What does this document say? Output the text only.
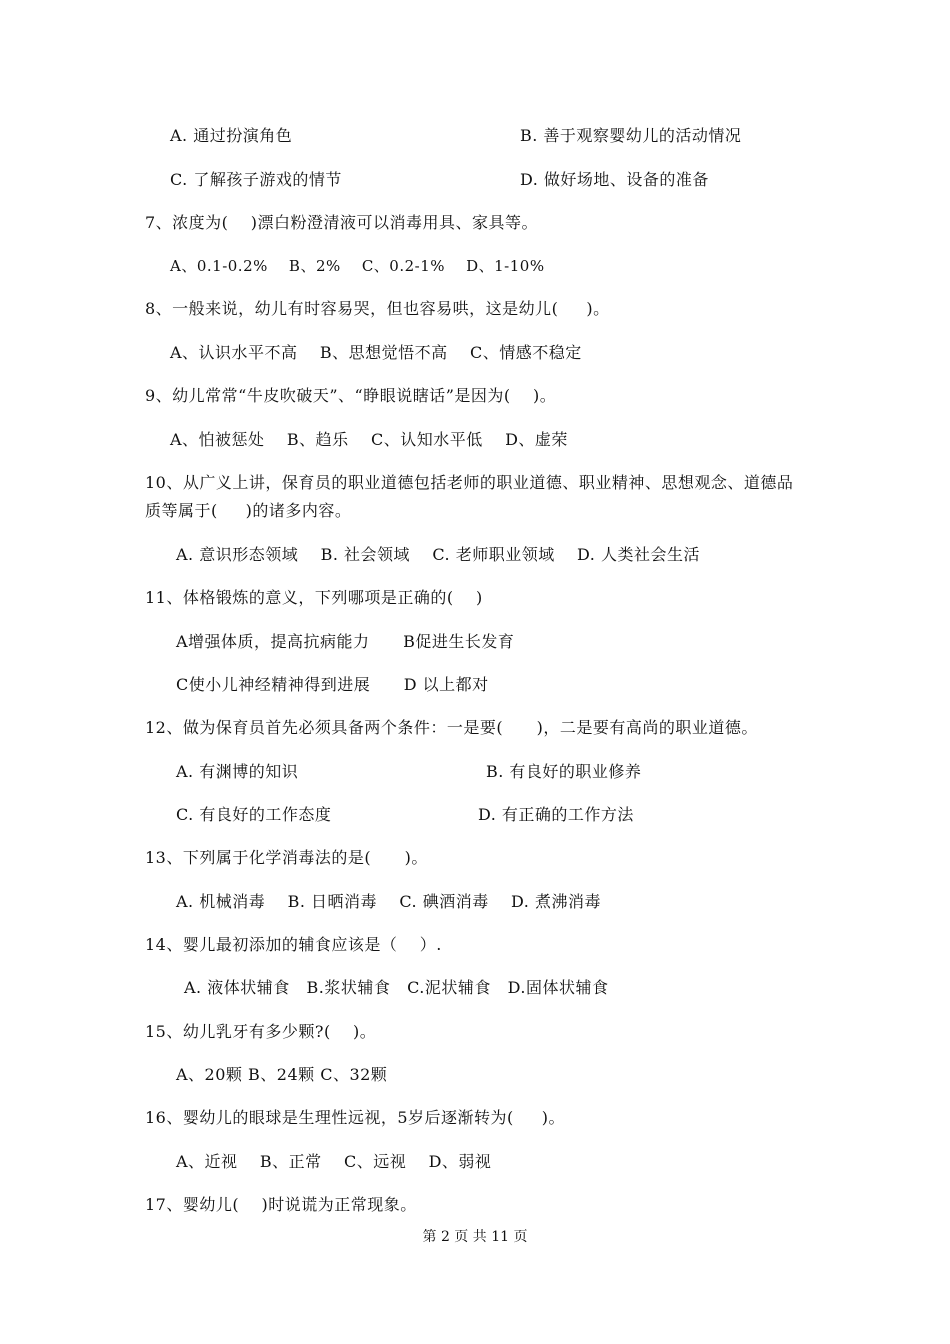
A. 通过扮演角色	B. 善于观察婴幼儿的活动情况
C. 了解孩子游戏的情节	D. 做好场地、设备的准备
7、浓度为(    )漂白粉澄清液可以消毒用具、家具等。
A、0.1-0.2%    B、2%    C、0.2-1%    D、1-10%
8、一般来说，幼儿有时容易哭，但也容易哄，这是幼儿(     )。
A、认识水平不高    B、思想觉悟不高    C、情感不稳定
9、幼儿常常“牛皮吹破天”、“睁眼说瞎话”是因为(    )。
A、怕被惩处    B、趋乐    C、认知水平低    D、虚荣
10、从广义上讲，保育员的职业道德包括老师的职业道德、职业精神、思想观念、道德品
质等属于(     )的诸多内容。
A. 意识形态领域    B. 社会领域    C. 老师职业领域    D. 人类社会生活
11、体格锻炼的意义，下列哪项是正确的(    )
A增强体质，提高抗病能力      B促进生长发育
C使小儿神经精神得到进展      D 以上都对
12、做为保育员首先必须具备两个条件：一是要(      )，二是要有高尚的职业道德。
A. 有渊博的知识	B. 有良好的职业修养
C. 有良好的工作态度	D. 有正确的工作方法
13、下列属于化学消毒法的是(      )。
A. 机械消毒    B. 日晒消毒    C. 碘酒消毒    D. 煮沸消毒
14、婴儿最初添加的辅食应该是（    ）.
A. 液体状辅食   B.浆状辅食   C.泥状辅食   D.固体状辅食
15、幼儿乳牙有多少颗?(    )。
A、20颗 B、24颗 C、32颗
16、婴幼儿的眼球是生理性远视，5岁后逐渐转为(     )。
A、近视    B、正常    C、远视    D、弱视
17、婴幼儿(    )时说谎为正常现象。
第 2 页 共 11 页
